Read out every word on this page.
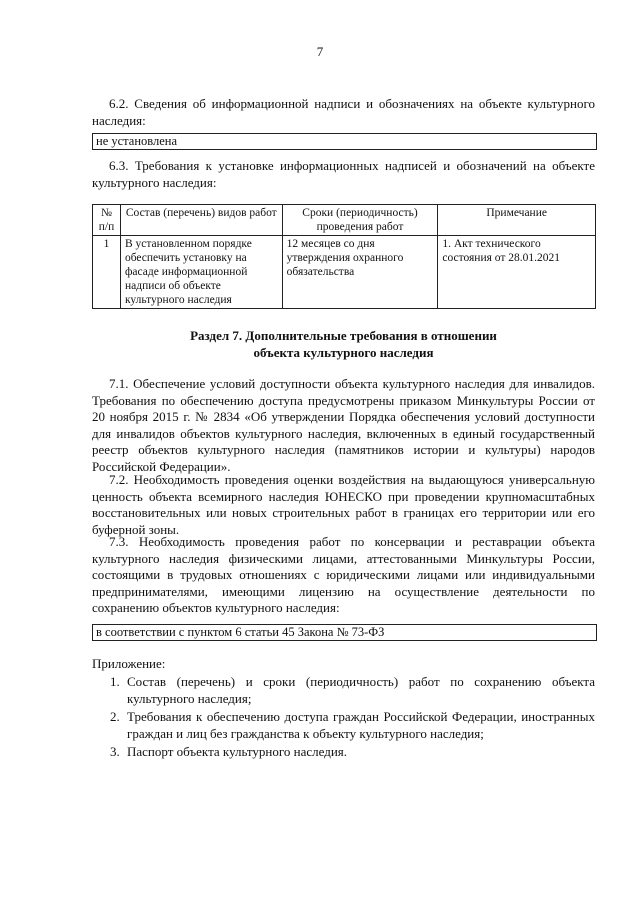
7
6.2. Сведения об информационной надписи и обозначениях на объекте культурного наследия:
не установлена
6.3. Требования к установке информационных надписей и обозначений на объекте культурного наследия:
№ п/п	Состав (перечень) видов работ	Сроки (периодичность) проведения работ	Примечание
1	В установленном порядке обеспечить установку на фасаде информационной надписи об объекте культурного наследия	12 месяцев со дня утверждения охранного обязательства	1. Акт технического состояния от 28.01.2021
Раздел 7. Дополнительные требования в отношении
объекта культурного наследия
7.1. Обеспечение условий доступности объекта культурного наследия для инвалидов. Требования по обеспечению доступа предусмотрены приказом Минкультуры России от 20 ноября 2015 г. № 2834 «Об утверждении Порядка обеспечения условий доступности для инвалидов объектов культурного наследия, включенных в единый государственный реестр объектов культурного наследия (памятников истории и культуры) народов Российской Федерации».
7.2. Необходимость проведения оценки воздействия на выдающуюся универсальную ценность объекта всемирного наследия ЮНЕСКО при проведении крупномасштабных восстановительных или новых строительных работ в границах его территории или его буферной зоны.
7.3. Необходимость проведения работ по консервации и реставрации объекта культурного наследия физическими лицами, аттестованными Минкультуры России, состоящими в трудовых отношениях с юридическими лицами или индивидуальными предпринимателями, имеющими лицензию на осуществление деятельности по сохранению объектов культурного наследия:
в соответствии с пунктом 6 статьи 45 Закона № 73-ФЗ
Приложение:
1. Состав (перечень) и сроки (периодичность) работ по сохранению объекта культурного наследия;
2. Требования к обеспечению доступа граждан Российской Федерации, иностранных граждан и лиц без гражданства к объекту культурного наследия;
3. Паспорт объекта культурного наследия.
